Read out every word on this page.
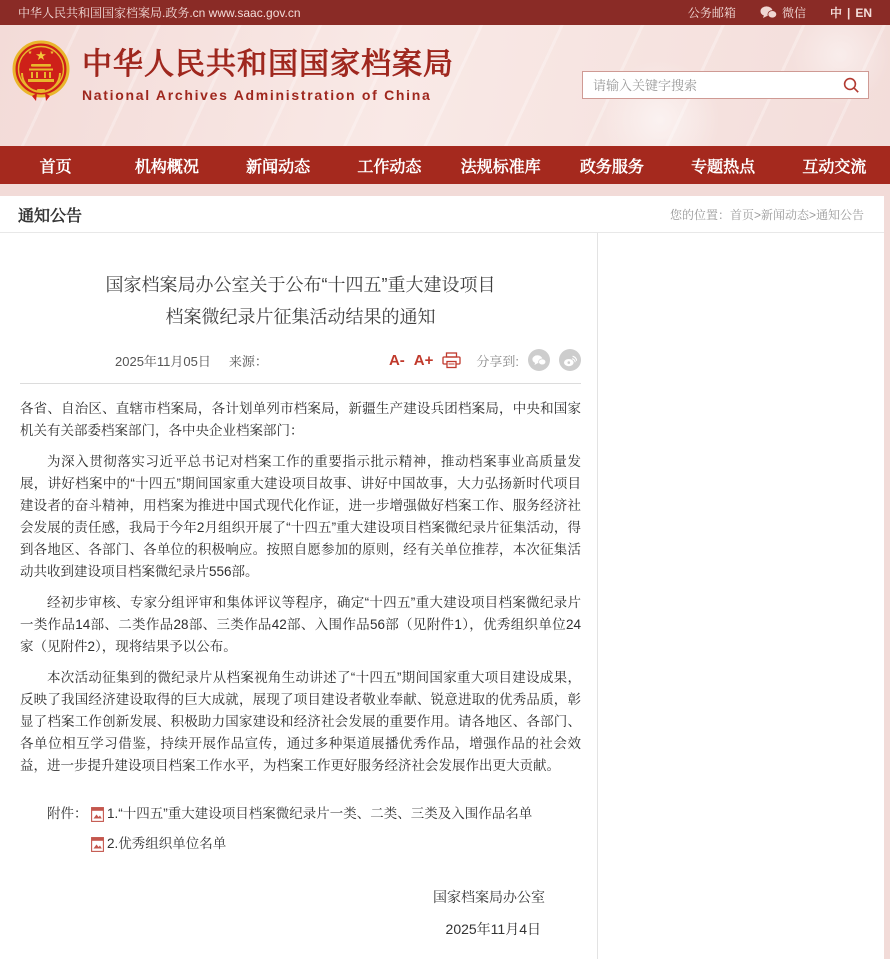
中华人民共和国国家档案局.政务.cn www.saac.gov.cn	公务邮箱	微信 中 | EN
★
★	★ 中华人民共和国国家档案局
National Archives Administration of China
请输入关键字搜索
首页	机构概况	新闻动态	工作动态	法规标准库	政务服务	专题热点	互动交流
通知公告	您的位置：首页>新闻动态>通知公告
国家档案局办公室关于公布“十四五”重大建设项目
档案微纪录片征集活动结果的通知
2025年11月05日 来源：	A- A+	分享到:

各省、自治区、直辖市档案局，各计划单列市档案局，新疆生产建设兵团档案局，中央和国家机关有关部委档案部门，各中央企业档案部门：

为深入贯彻落实习近平总书记对档案工作的重要指示批示精神，推动档案事业高质量发展，讲好档案中的“十四五”期间国家重大建设项目故事、讲好中国故事，大力弘扬新时代项目建设者的奋斗精神，用档案为推进中国式现代化作证，进一步增强做好档案工作、服务经济社会发展的责任感，我局于今年2月组织开展了“十四五”重大建设项目档案微纪录片征集活动，得到各地区、各部门、各单位的积极响应。按照自愿参加的原则，经有关单位推荐，本次征集活动共收到建设项目档案微纪录片556部。

经初步审核、专家分组评审和集体评议等程序，确定“十四五”重大建设项目档案微纪录片一类作品14部、二类作品28部、三类作品42部、入围作品56部（见附件1），优秀组织单位24家（见附件2），现将结果予以公布。

本次活动征集到的微纪录片从档案视角生动讲述了“十四五”期间国家重大项目建设成果，反映了我国经济建设取得的巨大成就，展现了项目建设者敬业奉献、锐意进取的优秀品质，彰显了档案工作创新发展、积极助力国家建设和经济社会发展的重要作用。请各地区、各部门、各单位相互学习借鉴，持续开展作品宣传，通过多种渠道展播优秀作品，增强作品的社会效益，进一步提升建设项目档案工作水平，为档案工作更好服务经济社会发展作出更大贡献。

附件： 1.“十四五”重大建设项目档案微纪录片一类、二类、三类及入围作品名单
2.优秀组织单位名单
国家档案局办公室
2025年11月4日
